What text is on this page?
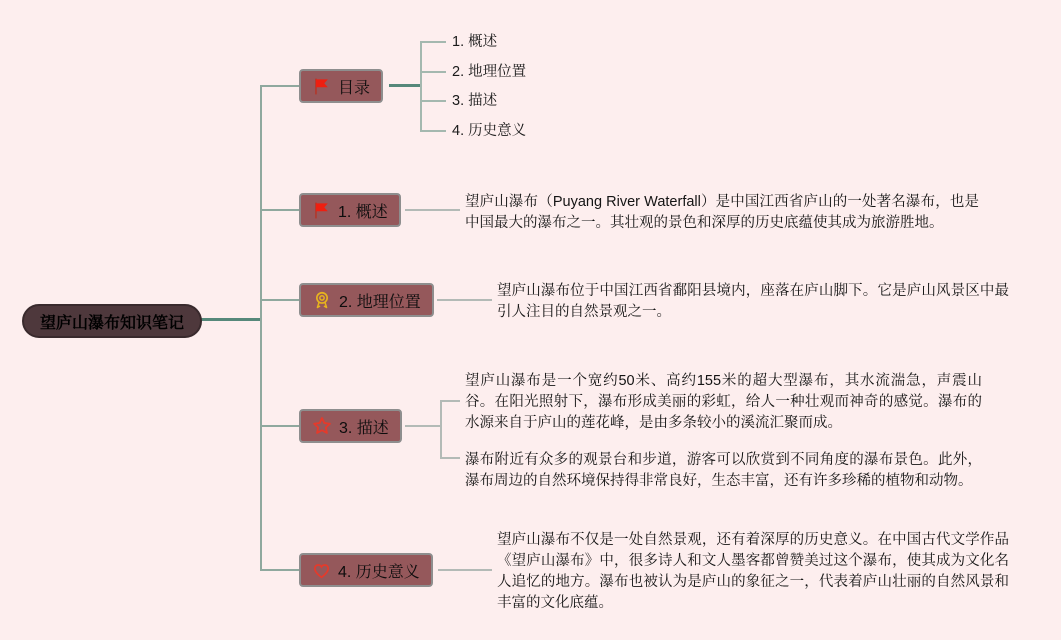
望庐山瀑布知识笔记
目录
1. 概述
2. 地理位置
3. 描述
4. 历史意义
1. 概述
望庐山瀑布（Puyang River Waterfall）是中国江西省庐山的一处著名瀑布，也是中国最大的瀑布之一。其壮观的景色和深厚的历史底蕴使其成为旅游胜地。
2. 地理位置
望庐山瀑布位于中国江西省鄱阳县境内，座落在庐山脚下。它是庐山风景区中最引人注目的自然景观之一。
3. 描述
望庐山瀑布是一个宽约50米、高约155米的超大型瀑布，其水流湍急，声震山谷。在阳光照射下，瀑布形成美丽的彩虹，给人一种壮观而神奇的感觉。瀑布的水源来自于庐山的莲花峰，是由多条较小的溪流汇聚而成。
瀑布附近有众多的观景台和步道，游客可以欣赏到不同角度的瀑布景色。此外，瀑布周边的自然环境保持得非常良好，生态丰富，还有许多珍稀的植物和动物。
4. 历史意义
望庐山瀑布不仅是一处自然景观，还有着深厚的历史意义。在中国古代文学作品《望庐山瀑布》中，很多诗人和文人墨客都曾赞美过这个瀑布，使其成为文化名人追忆的地方。瀑布也被认为是庐山的象征之一，代表着庐山壮丽的自然风景和丰富的文化底蕴。
